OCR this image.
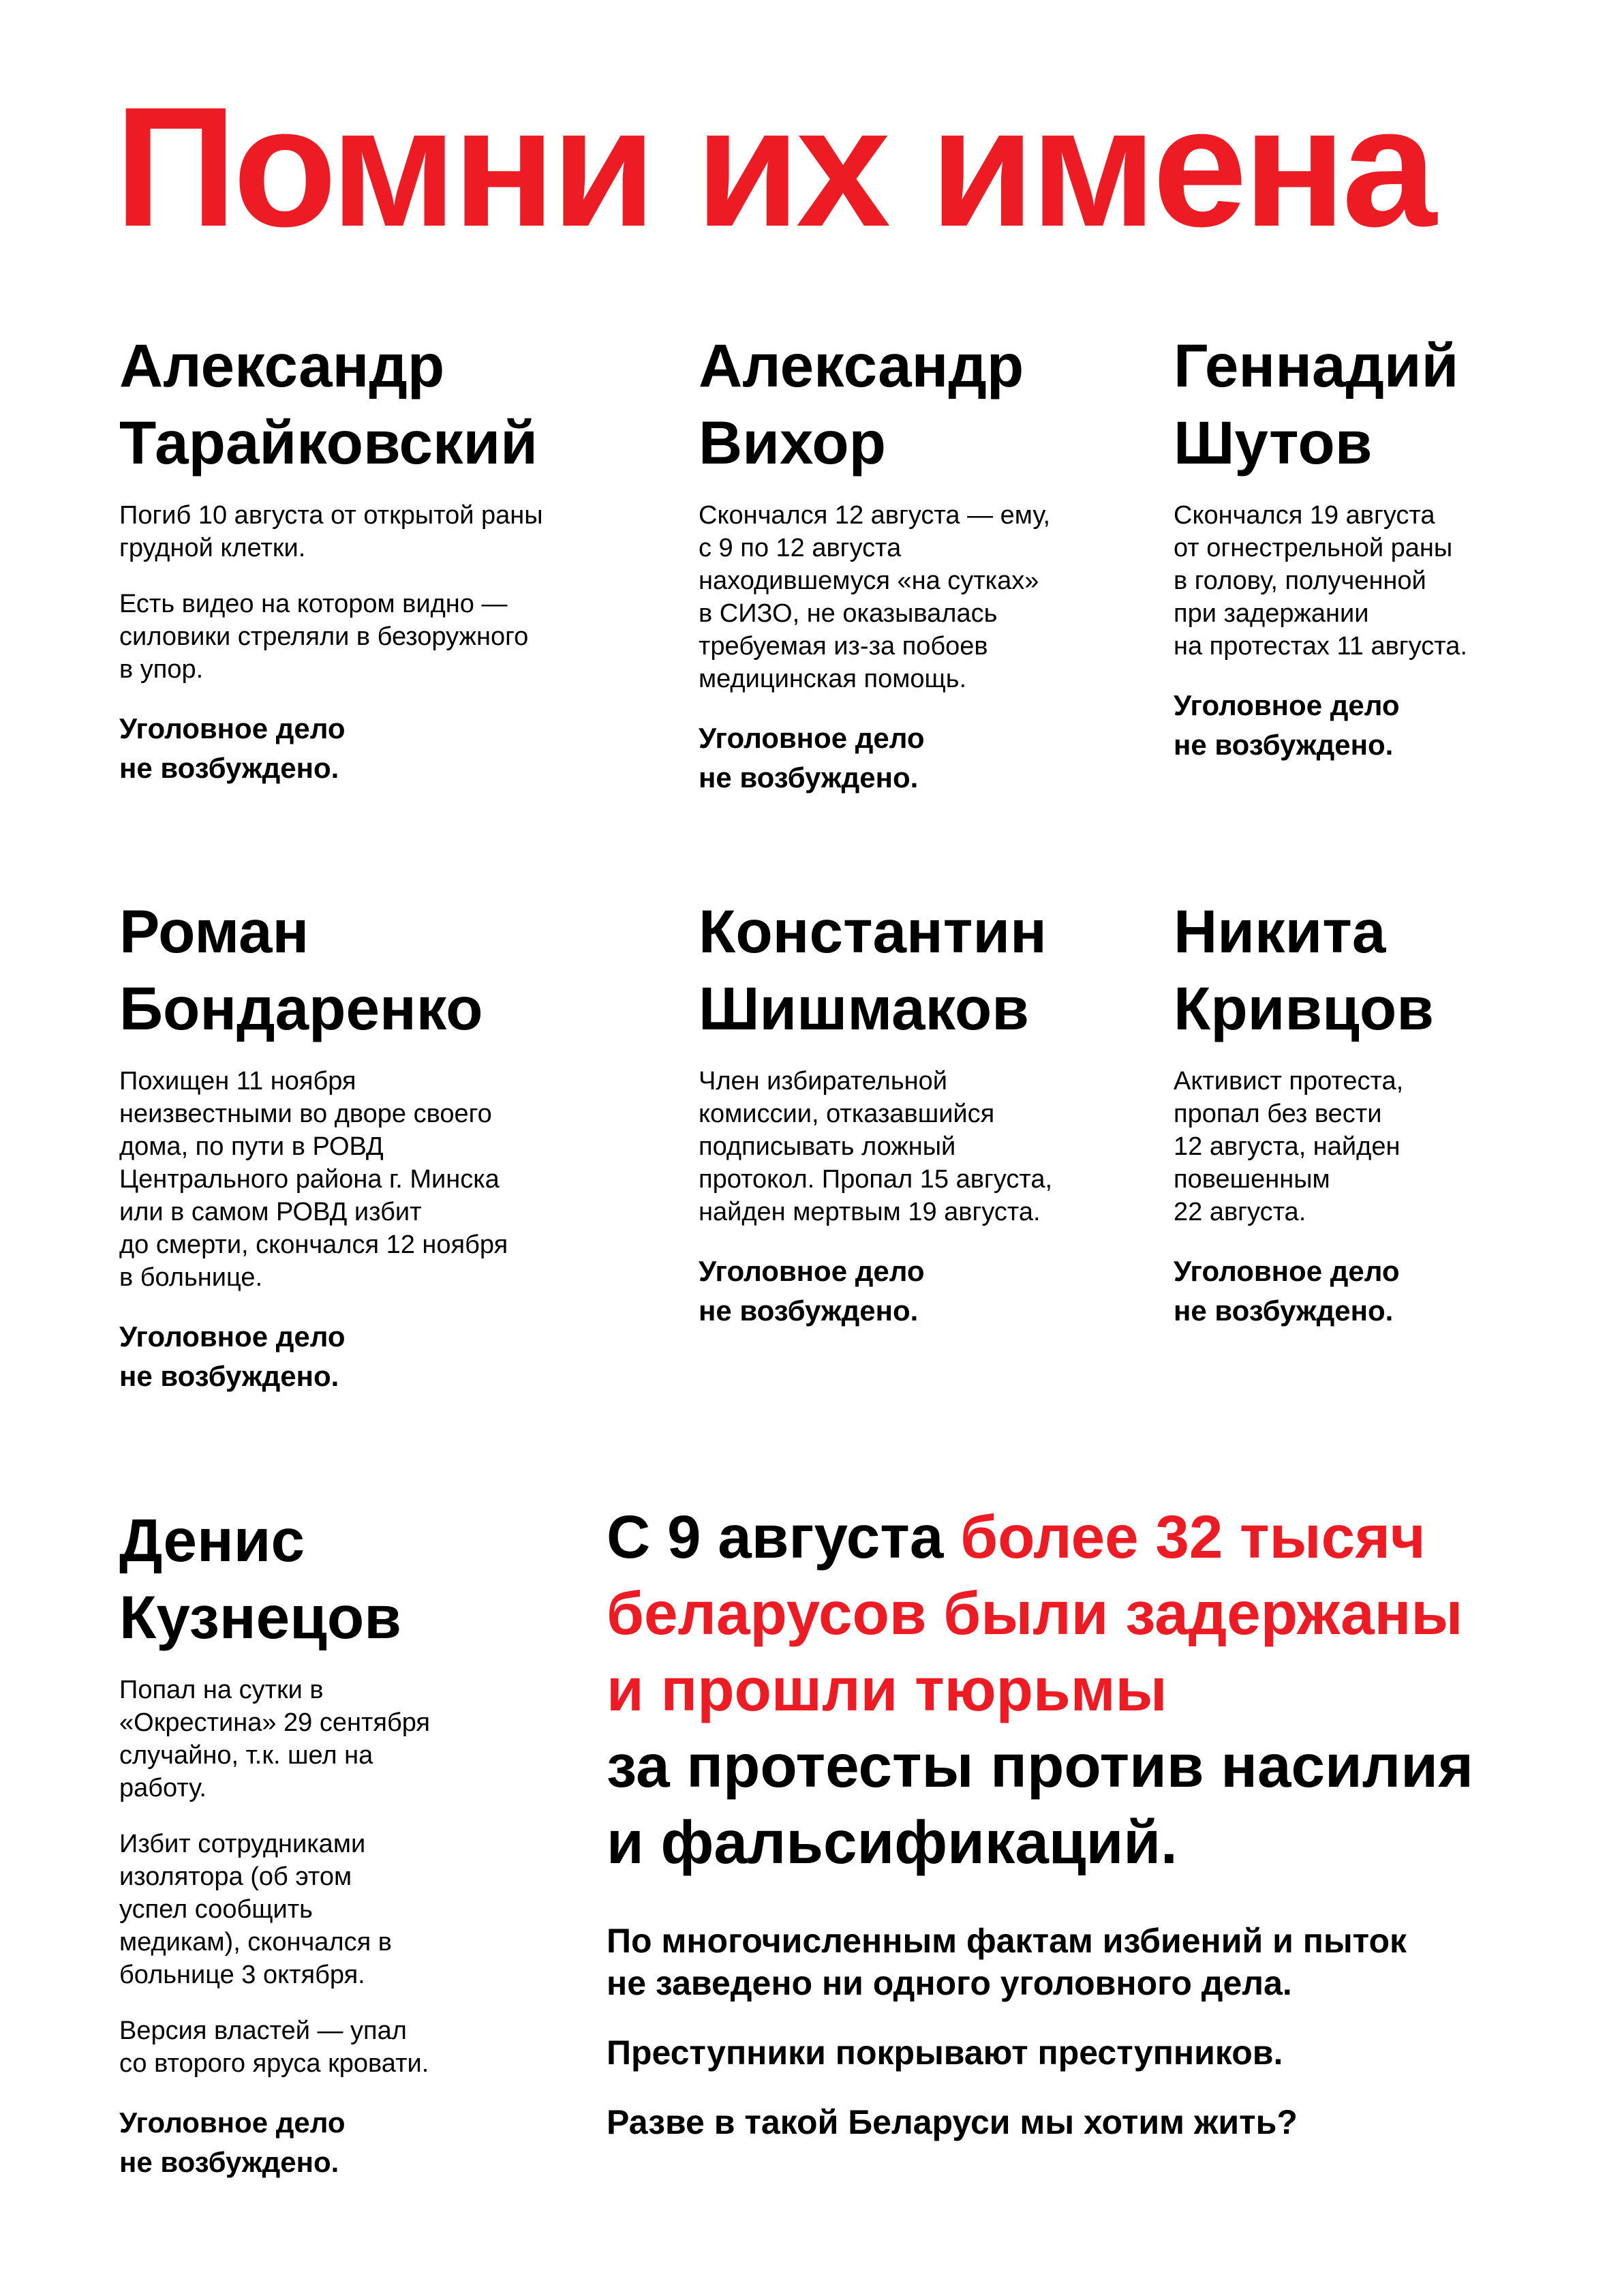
Помни их имена
Александр
Тарайковский

Погиб 10 августа от открытой раны
грудной клетки.

Есть видео на котором видно —
силовики стреляли в безоружного
в упор.

Уголовное дело
не возбуждено.

Александр
Вихор

Скончался 12 августа — ему,
с 9 по 12 августа
находившемуся «на сутках»
в СИЗО, не оказывалась
требуемая из-за побоев
медицинская помощь.

Уголовное дело
не возбуждено.

Геннадий
Шутов

Скончался 19 августа
от огнестрельной раны
в голову, полученной
при задержании
на протестах 11 августа.

Уголовное дело
не возбуждено.

Роман
Бондаренко

Похищен 11 ноября
неизвестными во дворе своего
дома, по пути в РОВД
Центрального района г. Минска
или в самом РОВД избит
до смерти, скончался 12 ноября
в больнице.

Уголовное дело
не возбуждено.

Константин
Шишмаков

Член избирательной
комиссии, отказавшийся
подписывать ложный
протокол. Пропал 15 августа,
найден мертвым 19 августа.

Уголовное дело
не возбуждено.

Никита
Кривцов

Активист протеста,
пропал без вести
12 августа, найден
повешенным
22 августа.

Уголовное дело
не возбуждено.

Денис
Кузнецов

Попал на сутки в
«Окрестина» 29 сентября
случайно, т.к. шел на
работу.

Избит сотрудниками
изолятора (об этом
успел сообщить
медикам), скончался в
больнице 3 октября.

Версия властей — упал
со второго яруса кровати.

Уголовное дело
не возбуждено.

С 9 августа более 32 тысяч
беларусов были задержаны
и прошли тюрьмы
за протесты против насилия
и фальсификаций.

По многочисленным фактам избиений и пыток
не заведено ни одного уголовного дела.

Преступники покрывают преступников.

Разве в такой Беларуси мы хотим жить?
